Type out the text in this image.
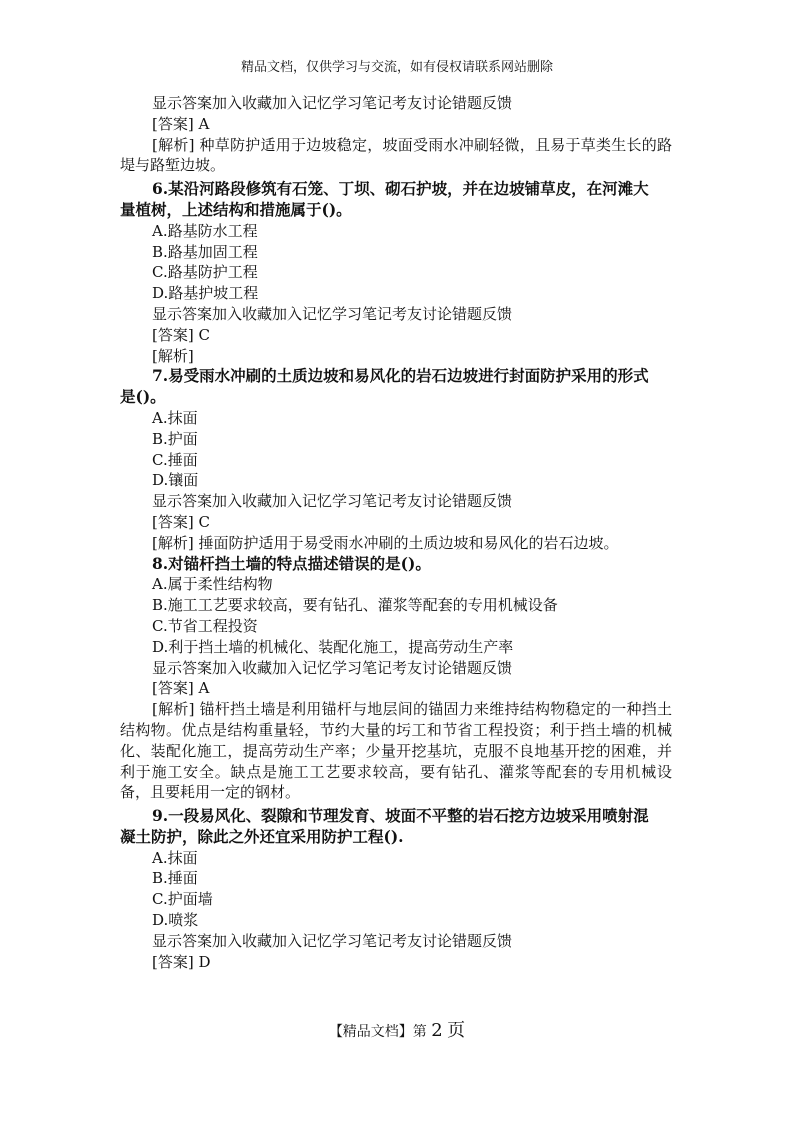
精品文档，仅供学习与交流，如有侵权请联系网站删除
显示答案加入收藏加入记忆学习笔记考友讨论错题反馈
[答案] A
[解析] 种草防护适用于边坡稳定，坡面受雨水冲刷轻微，且易于草类生长的路堤与路堑边坡。
6.某沿河路段修筑有石笼、丁坝、砌石护坡，并在边坡铺草皮，在河滩大
量植树，上述结构和措施属于()。
A.路基防水工程
B.路基加固工程
C.路基防护工程
D.路基护坡工程
显示答案加入收藏加入记忆学习笔记考友讨论错题反馈
[答案] C
[解析]
7.易受雨水冲刷的土质边坡和易风化的岩石边坡进行封面防护采用的形式
是()。
A.抹面
B.护面
C.捶面
D.镶面
显示答案加入收藏加入记忆学习笔记考友讨论错题反馈
[答案] C
[解析] 捶面防护适用于易受雨水冲刷的土质边坡和易风化的岩石边坡。
8.对锚杆挡土墙的特点描述错误的是()。
A.属于柔性结构物
B.施工工艺要求较高，要有钻孔、灌浆等配套的专用机械设备
C.节省工程投资
D.利于挡土墙的机械化、装配化施工，提高劳动生产率
显示答案加入收藏加入记忆学习笔记考友讨论错题反馈
[答案] A
[解析] 锚杆挡土墙是利用锚杆与地层间的锚固力来维持结构物稳定的一种挡土结构物。优点是结构重量轻，节约大量的圬工和节省工程投资；利于挡土墙的机械化、装配化施工，提高劳动生产率；少量开挖基坑，克服不良地基开挖的困难，并利于施工安全。缺点是施工工艺要求较高，要有钻孔、灌浆等配套的专用机械设备，且要耗用一定的钢材。
9.一段易风化、裂隙和节理发育、坡面不平整的岩石挖方边坡采用喷射混
凝土防护，除此之外还宜采用防护工程().
A.抹面
B.捶面
C.护面墙
D.喷浆
显示答案加入收藏加入记忆学习笔记考友讨论错题反馈
[答案] D
【精品文档】第 2 页
